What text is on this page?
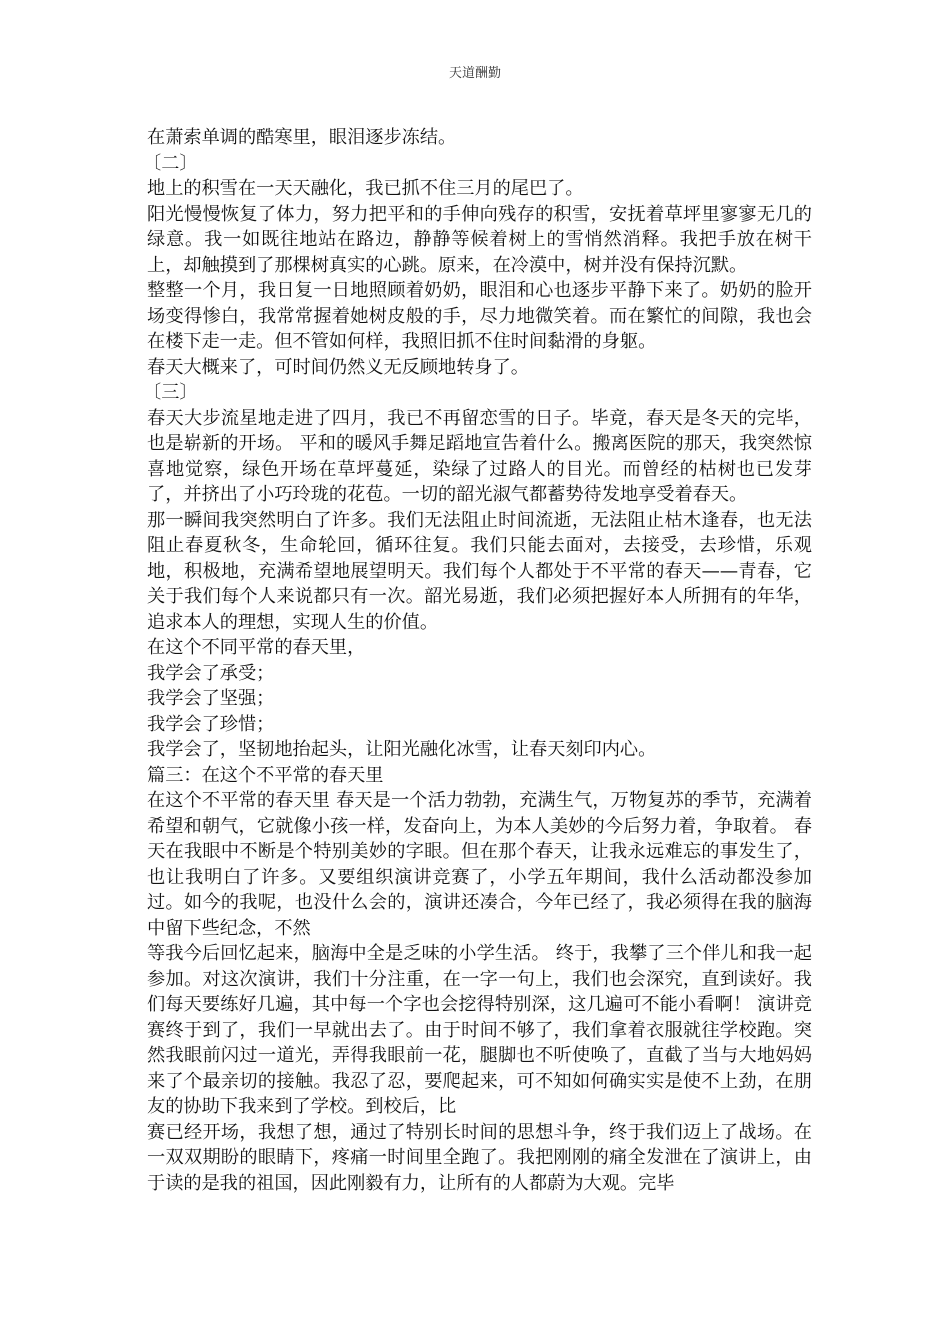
天道酬勤

在萧索单调的酷寒里，眼泪逐步冻结。

〔二〕

地上的积雪在一天天融化，我已抓不住三月的尾巴了。

阳光慢慢恢复了体力，努力把平和的手伸向残存的积雪，安抚着草坪里寥寥无几的绿意。我一如既往地站在路边，静静等候着树上的雪悄然消释。我把手放在树干上，却触摸到了那棵树真实的心跳。原来，在冷漠中，树并没有保持沉默。

整整一个月，我日复一日地照顾着奶奶，眼泪和心也逐步平静下来了。奶奶的脸开场变得惨白，我常常握着她树皮般的手，尽力地微笑着。而在繁忙的间隙，我也会在楼下走一走。但不管如何样，我照旧抓不住时间黏滑的身躯。

春天大概来了，可时间仍然义无反顾地转身了。

〔三〕

春天大步流星地走进了四月，我已不再留恋雪的日子。毕竟，春天是冬天的完毕，也是崭新的开场。 平和的暖风手舞足蹈地宣告着什么。搬离医院的那天，我突然惊喜地觉察，绿色开场在草坪蔓延，染绿了过路人的目光。而曾经的枯树也已发芽了，并挤出了小巧玲珑的花苞。一切的韶光淑气都蓄势待发地享受着春天。

那一瞬间我突然明白了许多。我们无法阻止时间流逝，无法阻止枯木逢春，也无法阻止春夏秋冬，生命轮回，循环往复。我们只能去面对，去接受，去珍惜，乐观地，积极地，充满希望地展望明天。我们每个人都处于不平常的春天——青春，它关于我们每个人来说都只有一次。韶光易逝，我们必须把握好本人所拥有的年华，追求本人的理想，实现人生的价值。

在这个不同平常的春天里，

我学会了承受；

我学会了坚强；

我学会了珍惜；

我学会了，坚韧地抬起头，让阳光融化冰雪，让春天刻印内心。

篇三：在这个不平常的春天里

在这个不平常的春天里 春天是一个活力勃勃，充满生气，万物复苏的季节，充满着希望和朝气，它就像小孩一样，发奋向上，为本人美妙的今后努力着，争取着。 春天在我眼中不断是个特别美妙的字眼。但在那个春天，让我永远难忘的事发生了，也让我明白了许多。又要组织演讲竞赛了，小学五年期间，我什么活动都没参加过。如今的我呢，也没什么会的，演讲还凑合，今年已经了，我必须得在我的脑海中留下些纪念，不然

等我今后回忆起来，脑海中全是乏味的小学生活。 终于，我攀了三个伴儿和我一起参加。对这次演讲，我们十分注重，在一字一句上，我们也会深究，直到读好。我们每天要练好几遍，其中每一个字也会挖得特别深，这几遍可不能小看啊！ 演讲竞赛终于到了，我们一早就出去了。由于时间不够了，我们拿着衣服就往学校跑。突然我眼前闪过一道光，弄得我眼前一花，腿脚也不听使唤了，直截了当与大地妈妈来了个最亲切的接触。我忍了忍，要爬起来，可不知如何确实实是使不上劲，在朋友的协助下我来到了学校。到校后，比

赛已经开场，我想了想，通过了特别长时间的思想斗争，终于我们迈上了战场。在一双双期盼的眼睛下，疼痛一时间里全跑了。我把刚刚的痛全发泄在了演讲上，由于读的是我的祖国，因此刚毅有力，让所有的人都蔚为大观。完毕
